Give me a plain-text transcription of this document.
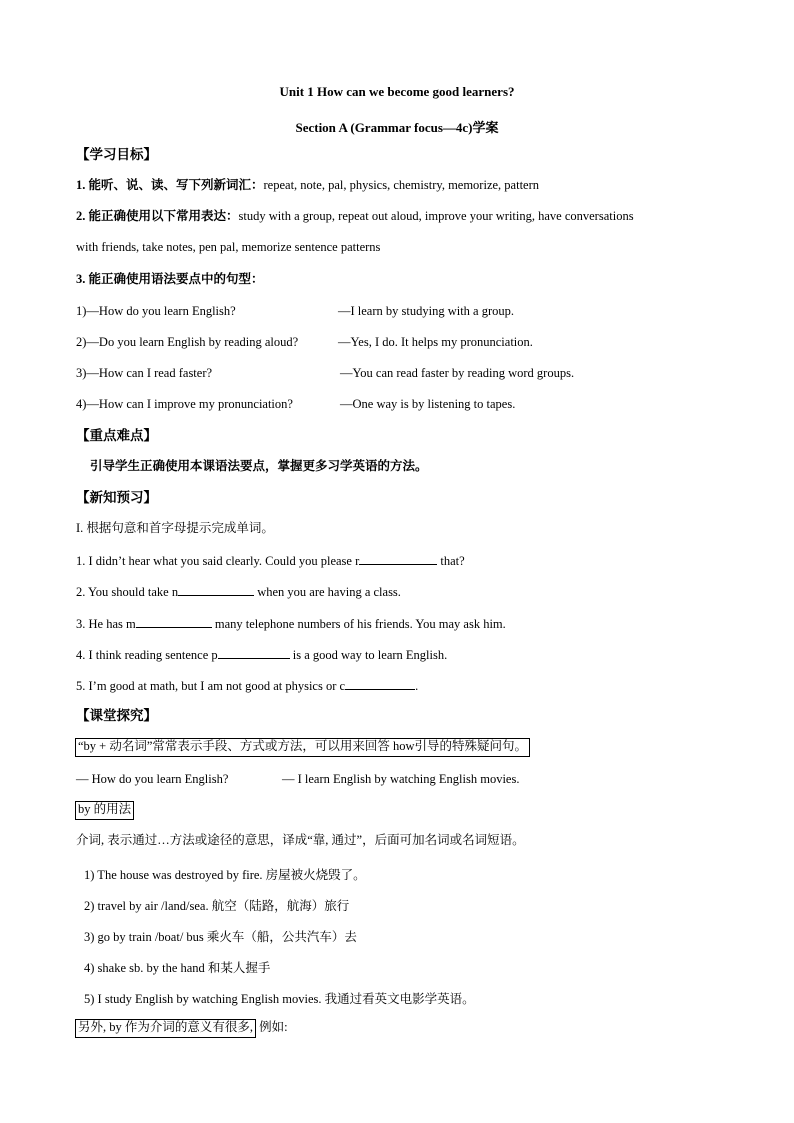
Unit 1 How can we become good learners?
Section A (Grammar focus—4c)学案
【学习目标】
1. 能听、说、读、写下列新词汇：repeat, note, pal, physics, chemistry, memorize, pattern
2. 能正确使用以下常用表达：study with a group, repeat out aloud, improve your writing, have conversations
with friends, take notes, pen pal, memorize sentence patterns
3. 能正确使用语法要点中的句型：
1)—How do you learn English?	—I learn by studying with a group.
2)—Do you learn English by reading aloud?	—Yes, I do. It helps my pronunciation.
3)—How can I read faster?	—You can read faster by reading word groups.
4)—How can I improve my pronunciation?	—One way is by listening to tapes.
【重点难点】
引导学生正确使用本课语法要点，掌握更多习学英语的方法。
【新知预习】
I. 根据句意和首字母提示完成单词。
1. I didn’t hear what you said clearly. Could you please r	that?
2. You should take n	when you are having a class.
3. He has m	many telephone numbers of his friends. You may ask him.
4. I think reading sentence p	is a good way to learn English.
5. I’m good at math, but I am not good at physics or c	.
【课堂探究】
“by + 动名词”常常表示手段、方式或方法，可以用来回答 how引导的特殊疑问句。
— How do you learn English?	— I learn English by watching English movies.
by 的用法
介词, 表示通过…方法或途径的意思，译成“靠, 通过”，后面可加名词或名词短语。
1) The house was destroyed by fire. 房屋被火烧毁了。
2) travel by air /land/sea. 航空（陆路，航海）旅行
3) go by train /boat/ bus 乘火车（船，公共汽车）去
4) shake sb. by the hand 和某人握手
5) I study English by watching English movies. 我通过看英文电影学英语。
另外, by 作为介词的意义有很多, 例如:
